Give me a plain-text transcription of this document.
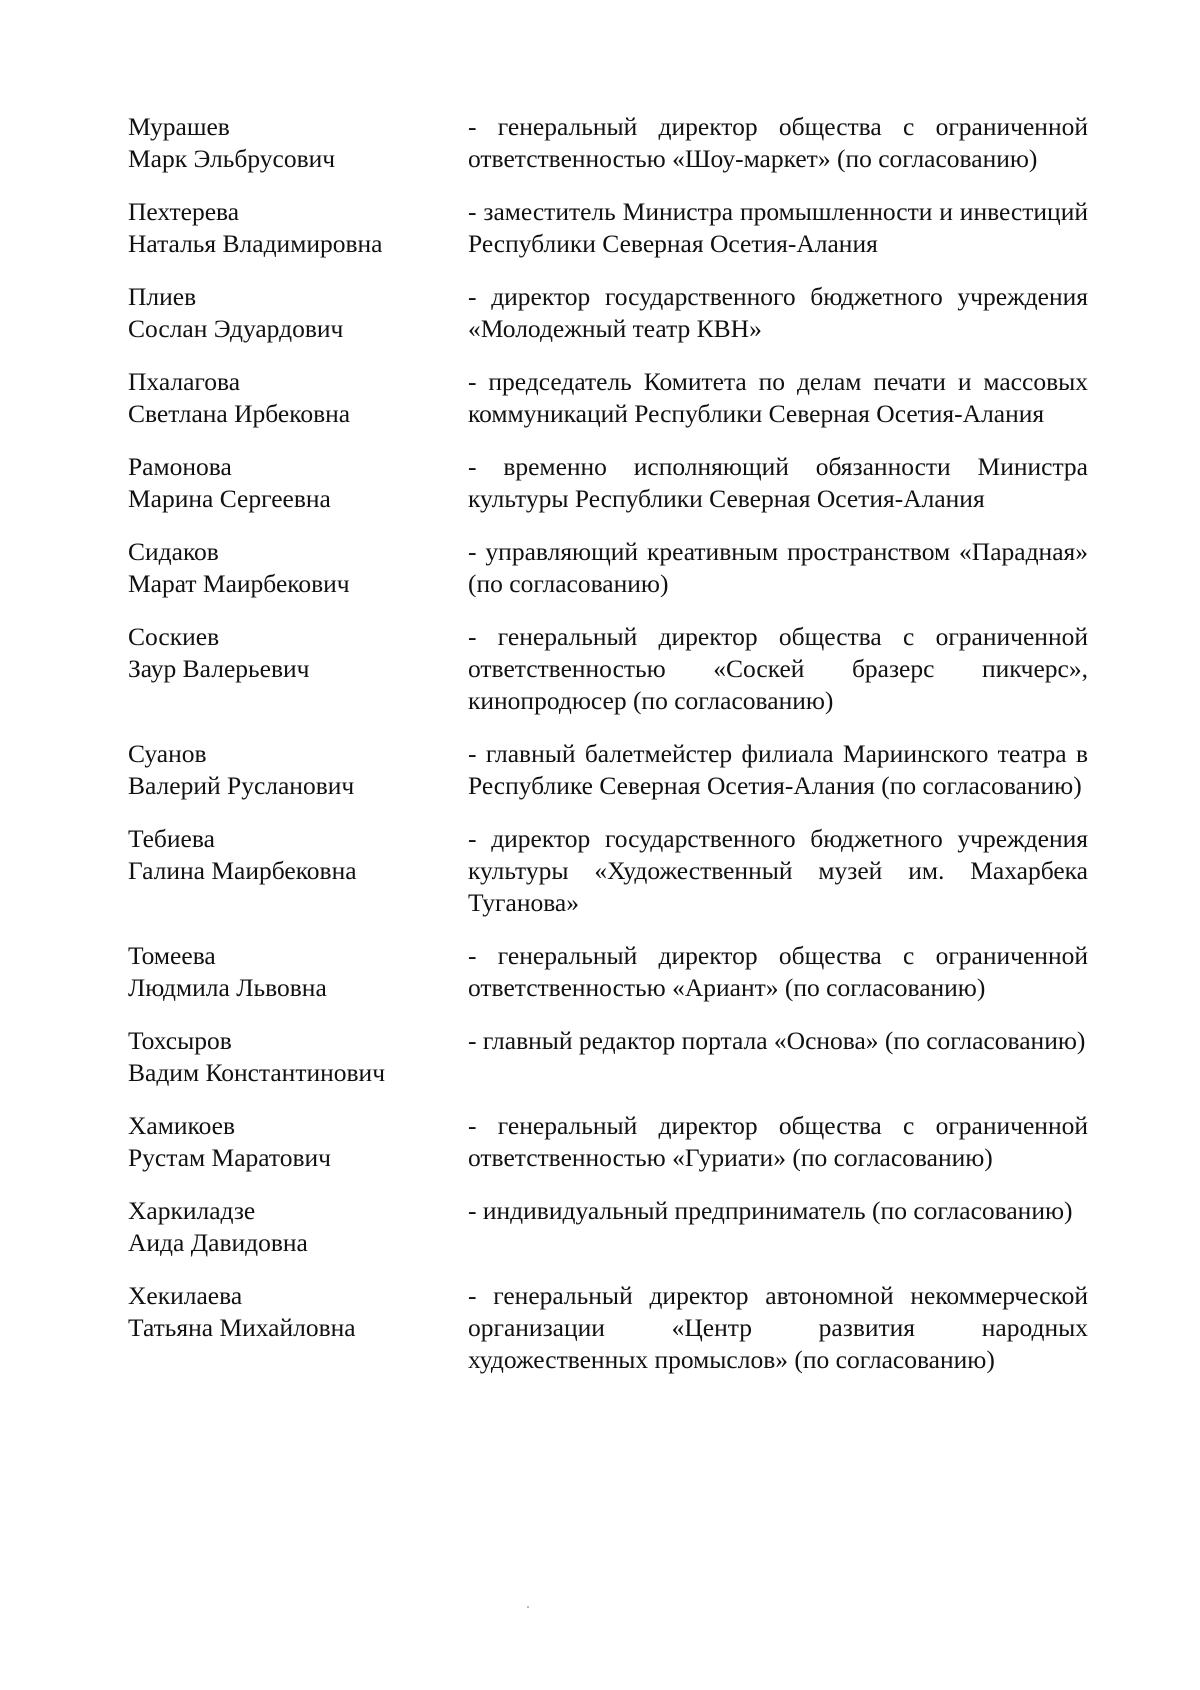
Мурашев
Марк Эльбрусович
- генеральный директор общества с ограниченной ответственностью «Шоу-маркет» (по согласованию)
Пехтерева
Наталья Владимировна
- заместитель Министра промышленности и инвестиций Республики Северная Осетия-Алания
Плиев
Сослан Эдуардович
- директор государственного бюджетного учреждения «Молодежный театр КВН»
Пхалагова
Светлана Ирбековна
- председатель Комитета по делам печати и массовых коммуникаций Республики Северная Осетия-Алания
Рамонова
Марина Сергеевна
- временно исполняющий обязанности Министра культуры Республики Северная Осетия-Алания
Сидаков
Марат Маирбекович
- управляющий креативным пространством «Парадная» (по согласованию)
Соскиев
Заур Валерьевич
- генеральный директор общества с ограниченной ответственностью «Соскей бразерс пикчерс», кинопродюсер (по согласованию)
Суанов
Валерий Русланович
- главный балетмейстер филиала Мариинского театра в Республике Северная Осетия-Алания (по согласованию)
Тебиева
Галина Маирбековна
- директор государственного бюджетного учреждения культуры «Художественный музей им. Махарбека Туганова»
Томеева
Людмила Львовна
- генеральный директор общества с ограниченной ответственностью «Ариант» (по согласованию)
Тохсыров
Вадим Константинович
- главный редактор портала «Основа» (по согласованию)
Хамикоев
Рустам Маратович
- генеральный директор общества с ограниченной ответственностью «Гуриати» (по согласованию)
Харкиладзе
Аида Давидовна
- индивидуальный предприниматель (по согласованию)
Хекилаева
Татьяна Михайловна
- генеральный директор автономной некоммерческой организации «Центр развития народных художественных промыслов» (по согласованию)
